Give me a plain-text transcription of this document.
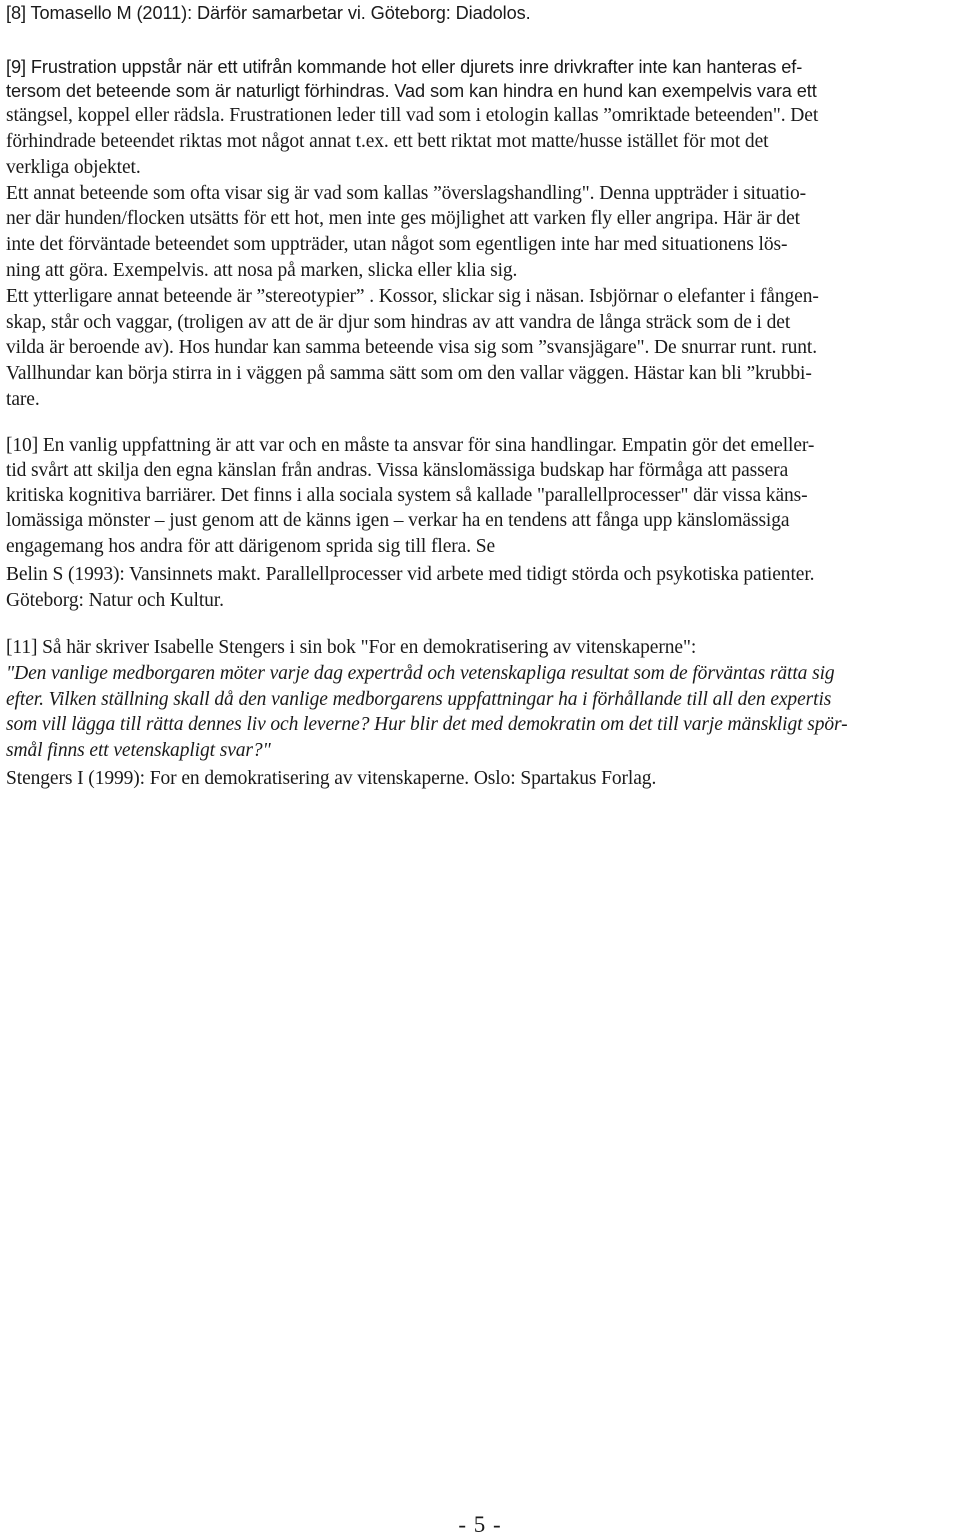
[8] Tomasello M (2011): Därför samarbetar vi. Göteborg: Diadolos.
[9] Frustration uppstår när ett utifrån kommande hot eller djurets inre drivkrafter inte kan hanteras ef-
tersom det beteende som är naturligt förhindras. Vad som kan hindra en hund kan exempelvis vara ett
stängsel, koppel eller rädsla. Frustrationen leder till vad som i etologin kallas ”omriktade beteenden". Det
förhindrade beteendet riktas mot något annat t.ex. ett bett riktat mot matte/husse istället för mot det
verkliga objektet.
Ett annat beteende som ofta visar sig är vad som kallas ”överslagshandling". Denna uppträder i situatio-
ner där hunden/flocken utsätts för ett hot, men inte ges möjlighet att varken fly eller angripa. Här är det
inte det förväntade beteendet som uppträder, utan något som egentligen inte har med situationens lös-
ning att göra. Exempelvis. att nosa på marken, slicka eller klia sig.
Ett ytterligare annat beteende är ”stereotypier” . Kossor, slickar sig i näsan. Isbjörnar o elefanter i fången-
skap, står och vaggar, (troligen av att de är djur som hindras av att vandra de långa sträck som de i det
vilda är beroende av). Hos hundar kan samma beteende visa sig som ”svansjägare". De snurrar runt. runt.
Vallhundar kan börja stirra in i väggen på samma sätt som om den vallar väggen. Hästar kan bli ”krubbi-
tare.
[10] En vanlig uppfattning är att var och en måste ta ansvar för sina handlingar. Empatin gör det emeller-
tid svårt att skilja den egna känslan från andras. Vissa känslomässiga budskap har förmåga att passera
kritiska kognitiva barriärer. Det finns i alla sociala system så kallade "parallellprocesser" där vissa käns-
lomässiga mönster – just genom att de känns igen – verkar ha en tendens att fånga upp känslomässiga
engagemang hos andra för att därigenom sprida sig till flera. Se
Belin S (1993): Vansinnets makt. Parallellprocesser vid arbete med tidigt störda och psykotiska patienter.
Göteborg: Natur och Kultur.
[11] Så här skriver Isabelle Stengers i sin bok "For en demokratisering av vitenskaperne":
"Den vanlige medborgaren möter varje dag expertråd och vetenskapliga resultat som de förväntas rätta sig
efter. Vilken ställning skall då den vanlige medborgarens uppfattningar ha i förhållande till all den expertis
som vill lägga till rätta dennes liv och leverne? Hur blir det med demokratin om det till varje mänskligt spör-
smål finns ett vetenskapligt svar?"
Stengers I (1999): For en demokratisering av vitenskaperne. Oslo: Spartakus Forlag.
- 5 -
